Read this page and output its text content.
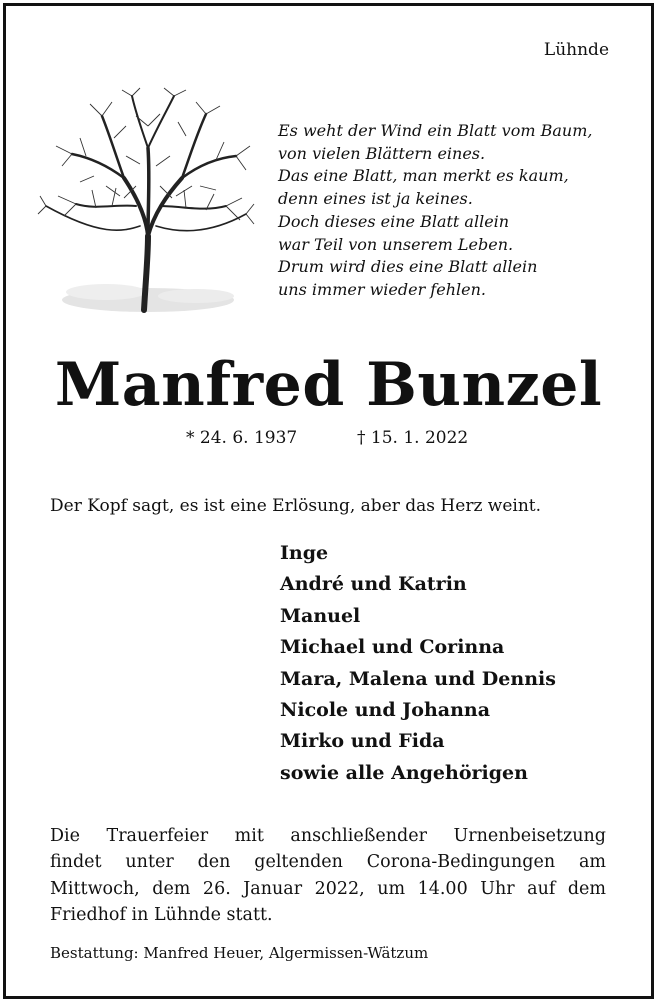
Lühnde
Es weht der Wind ein Blatt vom Baum,
von vielen Blättern eines.
Das eine Blatt, man merkt es kaum,
denn eines ist ja keines.
Doch dieses eine Blatt allein
war Teil von unserem Leben.
Drum wird dies eine Blatt allein
uns immer wieder fehlen.
Manfred Bunzel
* 24. 6. 1937	† 15. 1. 2022
Der Kopf sagt, es ist eine Erlösung, aber das Herz weint.
Inge
André und Katrin
Manuel
Michael und Corinna
Mara, Malena und Dennis
Nicole und Johanna
Mirko und Fida
sowie alle Angehörigen
Die Trauerfeier mit anschließender Urnenbeisetzung
findet unter den geltenden Corona-Bedingungen am
Mittwoch, dem 26. Januar 2022, um 14.00 Uhr auf dem
Friedhof in Lühnde statt.
Bestattung: Manfred Heuer, Algermissen-Wätzum
